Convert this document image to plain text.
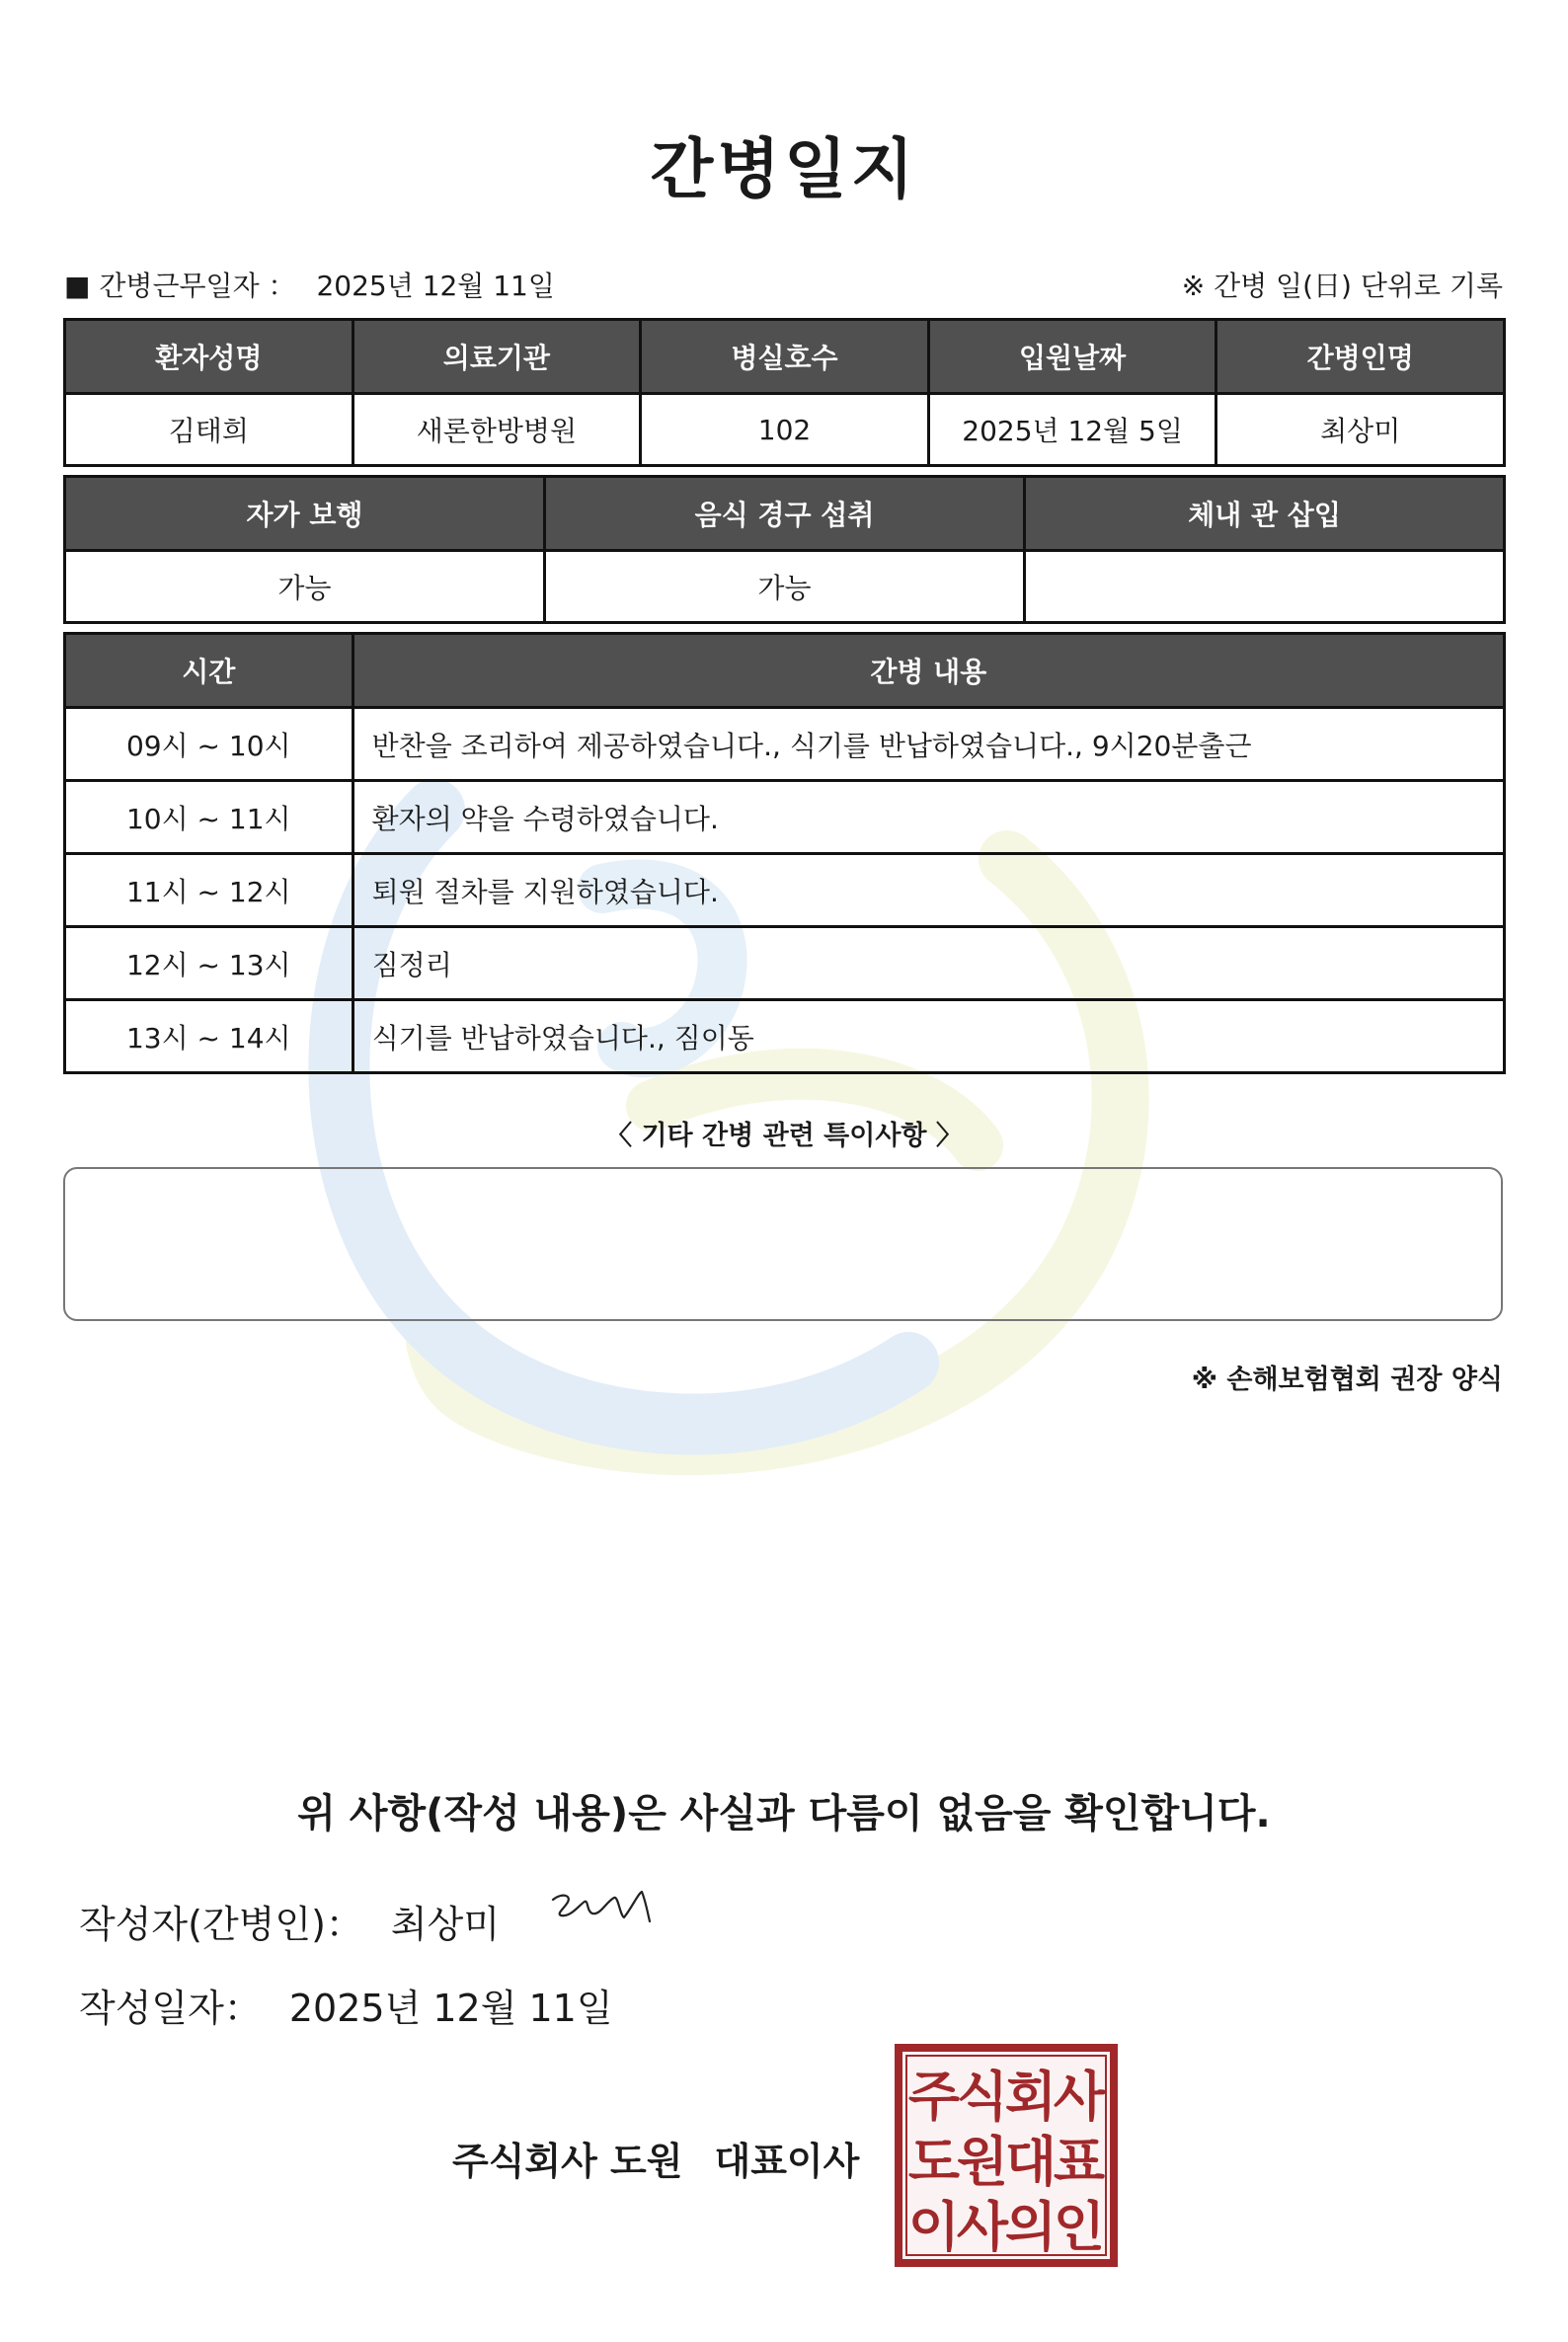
간병일지
■ 간병근무일자 ： 2025년 12월 11일	※ 간병 일(日) 단위로 기록
환자성명	의료기관	병실호수	입원날짜	간병인명
김태희	새론한방병원	102	2025년 12월 5일	최상미
자가 보행	음식 경구 섭취	체내 관 삽입
가능	가능	
시간	간병 내용
09시 ~ 10시	반찬을 조리하여 제공하였습니다., 식기를 반납하였습니다., 9시20분출근
10시 ~ 11시	환자의 약을 수령하였습니다.
11시 ~ 12시	퇴원 절차를 지원하였습니다.
12시 ~ 13시	짐정리
13시 ~ 14시	식기를 반납하였습니다., 짐이동
〈 기타 간병 관련 특이사항 〉
※ 손해보험협회 권장 양식
위 사항(작성 내용)은 사실과 다름이 없음을 확인합니다.
작성자(간병인)： 최상미
작성일자： 2025년 12월 11일
주식회사 도원 대표이사
주
식
회
사
도
원
대
표
이
사
의
인
